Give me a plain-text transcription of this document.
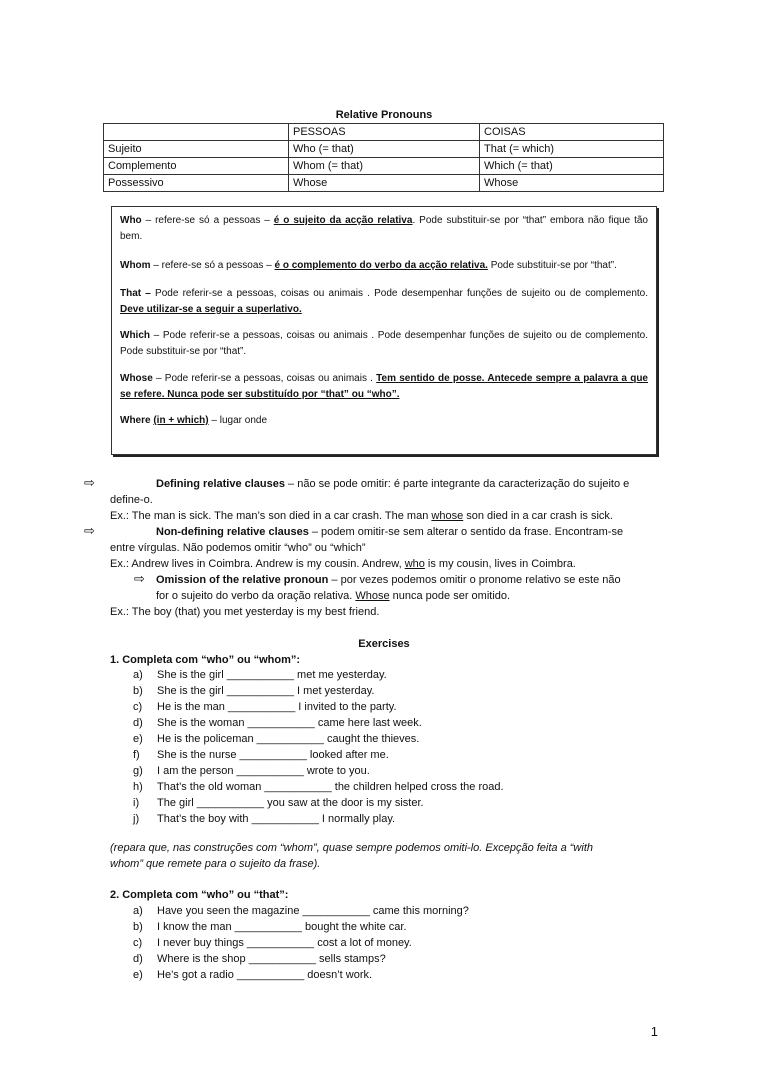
Relative Pronouns
	PESSOAS	COISAS
Sujeito	Who (= that)	That (= which)
Complemento	Whom (= that)	Which (= that)
Possessivo	Whose	Whose

Who – refere-se só a pessoas – é o sujeito da acção relativa. Pode substituir-se por “that” embora não fique tão bem.

Whom – refere-se só a pessoas – é o complemento do verbo da acção relativa. Pode substituir-se por “that”.

That – Pode referir-se a pessoas, coisas ou animais . Pode desempenhar funções de sujeito ou de complemento. Deve utilizar-se a seguir a superlativo.

Which – Pode referir-se a pessoas, coisas ou animais . Pode desempenhar funções de sujeito ou de complemento. Pode substituir-se por “that”.

Whose – Pode referir-se a pessoas, coisas ou animais . Tem sentido de posse. Antecede sempre a palavra a que se refere. Nunca pode ser substituído por “that” ou “who”.

Where (in + which) – lugar onde

⇨	Defining relative clauses – não se pode omitir: é parte integrante da caracterização do sujeito e
define-o.
Ex.: The man is sick. The man’s son died in a car crash. The man whose son died in a car crash is sick.
⇨	Non-defining relative clauses – podem omitir-se sem alterar o sentido da frase. Encontram-se
entre vírgulas. Não podemos omitir “who” ou “which”
Ex.: Andrew lives in Coimbra. Andrew is my cousin. Andrew, who is my cousin, lives in Coimbra.
⇨ Omission of the relative pronoun – por vezes podemos omitir o pronome relativo se este não
for o sujeito do verbo da oração relativa. Whose nunca pode ser omitido.
Ex.: The boy (that) you met yesterday is my best friend.
Exercises
1. Completa com “who” ou “whom”:
a) She is the girl ___________ met me yesterday.
b) She is the girl ___________ I met yesterday.
c) He is the man ___________ I invited to the party.
d) She is the woman ___________ came here last week.
e) He is the policeman ___________ caught the thieves.
f) She is the nurse ___________ looked after me.
g) I am the person ___________ wrote to you.
h) That’s the old woman ___________ the children helped cross the road.
i) The girl ___________ you saw at the door is my sister.
j) That’s the boy with ___________ I normally play.
(repara que, nas construções com “whom”, quase sempre podemos omiti-lo. Excepção feita a “with
whom” que remete para o sujeito da frase).
2. Completa com “who” ou “that”:
a) Have you seen the magazine ___________ came this morning?
b) I know the man ___________ bought the white car.
c) I never buy things ___________ cost a lot of money.
d) Where is the shop ___________ sells stamps?
e) He’s got a radio ___________ doesn’t work.
1
